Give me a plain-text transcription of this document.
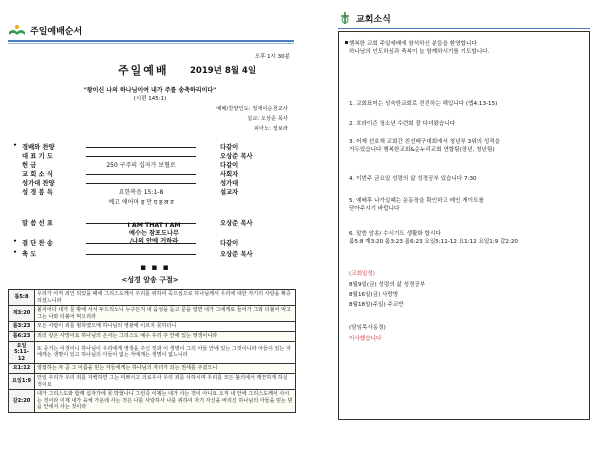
주일예배순서
오후 1시 30분
주일예배	2019년 8월 4일
"왕이신 나의 하나님이여 내가 주를 송축하리이다"
(시편 145:1)
예배/찬양인도: 정재이순천교사
설교: 오상준 목사
피아노: 정보라
• 경배와 찬양	다같이
대 표 기 도	오상준 목사
헌 금	250 구주의 십자가 보혈로	다같이
교 회 소 식	사회자
성가대 찬양	성가대
성 경 봉 독	요한복음 15:1-8	설교자
예고 에어마 ह 만 ए ह ल त
말 씀 선 포	오상준 목사
I AM THAT I AM
예수는 참포도나무
/나의 안에 거하라
• 결 단 찬 송	다같이
• 축 도	오상준 목사
▪ ▪ ▪
<성경 암송 구절>
롬5:8	우리가 아직 죄인 되었을 때에 그리스도께서 우리를 위하여 죽으심으로 하나님께서 우리에 대한 자기의 사랑을 확증하셨느니라
계3:20	볼지어다 내가 문 밖에 서서 두드리노니 누구든지 내 음성을 듣고 문을 열면 내가 그에게로 들어가 그와 더불어 먹고 그는 나와 더불어 먹으리라
롬3:23	모든 사람이 죄를 범하였으매 하나님의 영광에 이르지 못하더니
롬6:23	죄의 삯은 사망이요 하나님의 은사는 그리스도 예수 우리 주 안에 있는 영생이니라
요일 5:11-12	또 증거는 이것이니 하나님이 우리에게 영생을 주신 것과 이 생명이 그의 아들 안에 있는 그것이니라 아들이 있는 자에게는 생명이 있고 하나님의 아들이 없는 자에게는 생명이 없느니라
요1:12	영접하는 자 곧 그 이름을 믿는 자들에게는 하나님의 자녀가 되는 권세를 주셨으니
요일1:9	만일 우리가 우리 죄를 자백하면 그는 미쁘시고 의로우사 우리 죄를 사하시며 우리를 모든 불의에서 깨끗하게 하실 것이요
갈2:20	내가 그리스도와 함께 십자가에 못 박혔나니 그런즉 이제는 내가 사는 것이 아니요 오직 내 안에 그리스도께서 사시는 것이라 이제 내가 육체 가운데 사는 것은 나를 사랑하사 나를 위하여 자기 자신을 버리신 하나님의 아들을 믿는 믿음 안에서 사는 것이라
교회소식
행복한 교회 주일예배에 참석하신 분들을 환영합니다
하나님의 인도하심과 축복이 늘 함께하시기를 기도합니다.
1. 교회표어는 성숙한교회로 전진하는 해입니다 (엡4:13-15)
2. 호라이즌 청소년 수련회 잘 다녀왔습니다
3. 어제 선호재 교회간 친선배구대회에서 청년부 3위의 성적을
거두었습니다 행복한교회&순누리교회 연합팀(장년, 청년팀)
4. 이번주 금요일 성령의 삶 성경공부 있습니다 7:30
5. 예배후 나가실때는 운동장을 확인하고 메인 게이트를
닫아주시기 바랍니다
6. 말씀 암송/ 수시기도 생활화 합시다
롬5:8 계3:20 롬3:23 롬6:23 요일5:11-12 요1:12 요일1:9 갈2:20
(교회일정)
8월9일(금) 성령의 삶 성경공부
8월16일(금) 사랑방
8월18일(주일) 주교반
(담임목사동정)
이사했습니다
